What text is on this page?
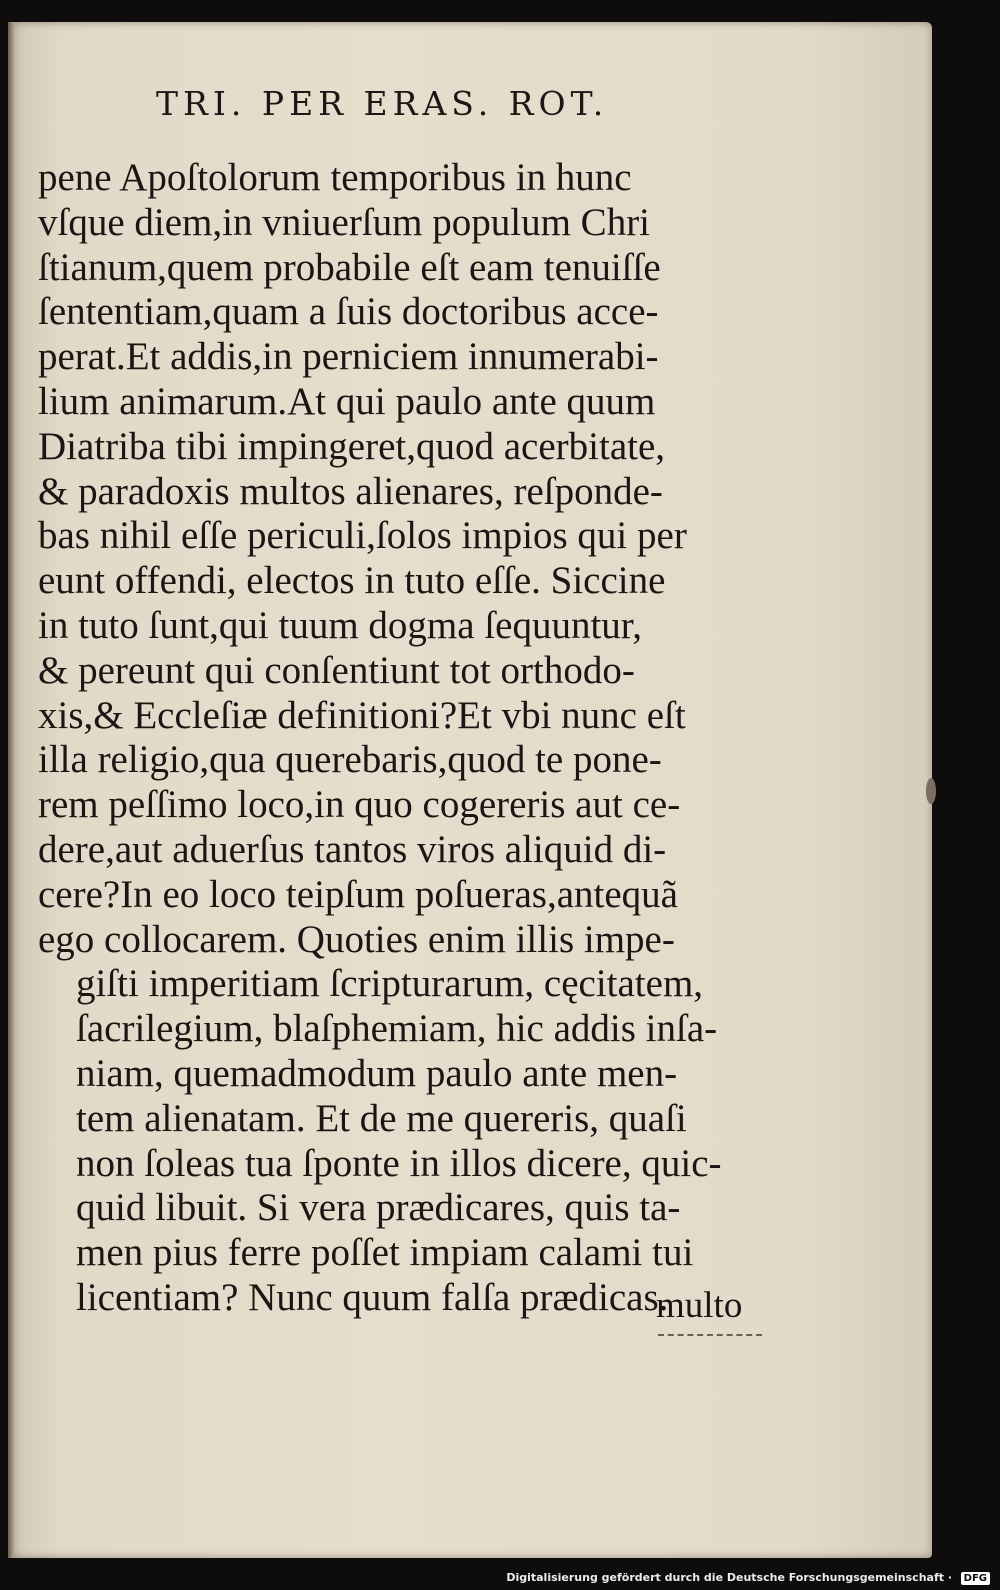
TRI. PER ERAS. ROT.
pene Apoſtolorum temporibus in hunc
vſque diem,in vniuerſum populum Chri
ſtianum,quem probabile eſt eam tenuiſſe
ſententiam,quam a ſuis doctoribus acce-
perat.Et addis,in perniciem innumerabi-
lium animarum.At qui paulo ante quum
Diatriba tibi impingeret,quod acerbitate,
& paradoxis multos alienares, reſponde-
bas nihil eſſe periculi,ſolos impios qui per
eunt offendi, electos in tuto eſſe. Siccine
in tuto ſunt,qui tuum dogma ſequuntur,
& pereunt qui conſentiunt tot orthodo-
xis,& Eccleſiæ definitioni?Et vbi nunc eſt
illa religio,qua querebaris,quod te pone-
rem peſſimo loco,in quo cogereris aut ce-
dere,aut aduerſus tantos viros aliquid di-
cere?In eo loco teipſum poſueras,antequã
ego collocarem. Quoties enim illis impe-
giſti imperitiam ſcripturarum, cęcitatem,
ſacrilegium, blaſphemiam, hic addis inſa-
niam, quemadmodum paulo ante men-
tem alienatam. Et de me quereris, quaſi
non ſoleas tua ſponte in illos dicere, quic-
quid libuit. Si vera prædicares, quis ta-
men pius ferre poſſet impiam calami tui
licentiam? Nunc quum falſa prædicas.
multo
Digitalisierung gefördert durch die Deutsche Forschungsgemeinschaft ·	DFG
